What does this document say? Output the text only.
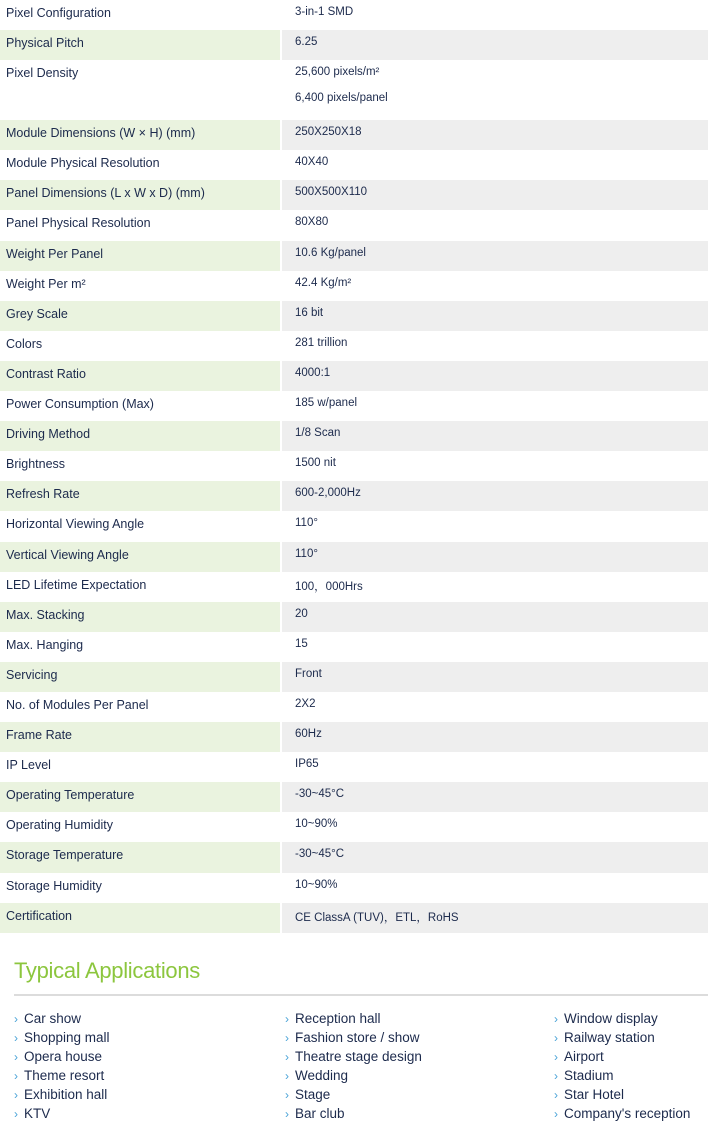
Pixel Configuration	3-in-1 SMD
Physical Pitch	6.25
Pixel Density	25,600 pixels/m²
6,400 pixels/panel
Module Dimensions (W × H) (mm)	250X250X18
Module Physical Resolution	40X40
Panel Dimensions (L x W x D) (mm)	500X500X110
Panel Physical Resolution	80X80
Weight Per Panel	10.6 Kg/panel
Weight Per m²	42.4 Kg/m²
Grey Scale	16 bit
Colors	281 trillion
Contrast Ratio	4000:1
Power Consumption (Max)	185 w/panel
Driving Method	1/8 Scan
Brightness	1500 nit
Refresh Rate	600-2,000Hz
Horizontal Viewing Angle	110°
Vertical Viewing Angle	110°
LED Lifetime Expectation	100，000Hrs
Max. Stacking	20
Max. Hanging	15
Servicing	Front
No. of Modules Per Panel	2X2
Frame Rate	60Hz
IP Level	IP65
Operating Temperature	-30~45°C
Operating Humidity	10~90%
Storage Temperature	-30~45°C
Storage Humidity	10~90%
Certification	CE ClassA (TUV)，ETL，RoHS
Typical Applications
› Car show
› Shopping mall
› Opera house
› Theme resort
› Exhibition hall
› KTV
› Reception hall
› Fashion store / show
› Theatre stage design
› Wedding
› Stage
› Bar club
› Window display
› Railway station
› Airport
› Stadium
› Star Hotel
› Company's reception
